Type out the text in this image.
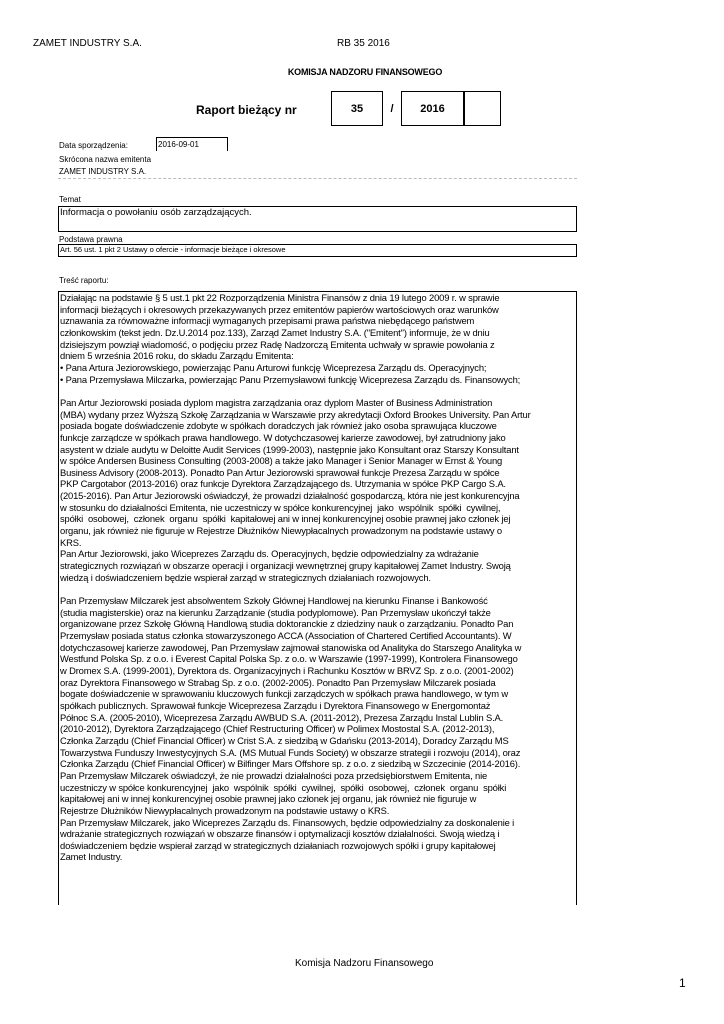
ZAMET INDUSTRY S.A.	RB 35 2016
KOMISJA NADZORU FINANSOWEGO
Raport bieżący nr	35	/	2016
Data sporządzenia:	2016-09-01
Skrócona nazwa emitenta
ZAMET INDUSTRY S.A.
Temat
Informacja o powołaniu osób zarządzających.
Podstawa prawna
Art. 56 ust. 1 pkt 2 Ustawy o ofercie - informacje bieżące i okresowe
Treść raportu:

Działając na podstawie § 5 ust.1 pkt 22 Rozporządzenia Ministra Finansów z dnia 19 lutego 2009 r. w sprawie

informacji bieżących i okresowych przekazywanych przez emitentów papierów wartościowych oraz warunków

uznawania za równoważne informacji wymaganych przepisami prawa państwa niebędącego państwem

członkowskim (tekst jedn. Dz.U.2014 poz.133), Zarząd Zamet Industry S.A. ("Emitent") informuje, że w dniu

dzisiejszym powziął wiadomość, o podjęciu przez Radę Nadzorczą Emitenta uchwały w sprawie powołania z

dniem 5 września 2016 roku, do składu Zarządu Emitenta:

• Pana Artura Jeziorowskiego, powierzając Panu Arturowi funkcję Wiceprezesa Zarządu ds. Operacyjnych;

• Pana Przemysława Milczarka, powierzając Panu Przemysławowi funkcję Wiceprezesa Zarządu ds. Finansowych;

Pan Artur Jeziorowski posiada dyplom magistra zarządzania oraz dyplom Master of Business Administration

(MBA) wydany przez Wyższą Szkołę Zarządzania w Warszawie przy akredytacji Oxford Brookes University. Pan Artur

posiada bogate doświadczenie zdobyte w spółkach doradczych jak również jako osoba sprawująca kluczowe

funkcje zarządcze w spółkach prawa handlowego. W dotychczasowej karierze zawodowej, był zatrudniony jako

asystent w dziale audytu w Deloitte Audit Services (1999-2003), następnie jako Konsultant oraz Starszy Konsultant

w spółce Andersen Business Consulting (2003-2008) a także jako Manager i Senior Manager w Ernst & Young

Business Advisory (2008-2013). Ponadto Pan Artur Jeziorowski sprawował funkcje Prezesa Zarządu w spółce

PKP Cargotabor (2013-2016) oraz funkcje Dyrektora Zarządzającego ds. Utrzymania w spółce PKP Cargo S.A.

(2015-2016). Pan Artur Jeziorowski oświadczył, że prowadzi działalność gospodarczą, która nie jest konkurencyjna

w stosunku do działalności Emitenta, nie uczestniczy w spółce konkurencyjnej  jako  wspólnik  spółki  cywilnej,

spółki  osobowej,  członek  organu  spółki  kapitałowej ani w innej konkurencyjnej osobie prawnej jako członek jej

organu, jak również nie figuruje w Rejestrze Dłużników Niewypłacalnych prowadzonym na podstawie ustawy o

KRS.

Pan Artur Jeziorowski, jako Wiceprezes Zarządu ds. Operacyjnych, będzie odpowiedzialny za wdrażanie

strategicznych rozwiązań w obszarze operacji i organizacji wewnętrznej grupy kapitałowej Zamet Industry. Swoją

wiedzą i doświadczeniem będzie wspierał zarząd w strategicznych działaniach rozwojowych.

Pan Przemysław Milczarek jest absolwentem Szkoły Głównej Handlowej na kierunku Finanse i Bankowość

(studia magisterskie) oraz na kierunku Zarządzanie (studia podyplomowe). Pan Przemysław ukończył także

organizowane przez Szkołę Główną Handlową studia doktoranckie z dziedziny nauk o zarządzaniu. Ponadto Pan

Przemysław posiada status członka stowarzyszonego ACCA (Association of Chartered Certified Accountants). W

dotychczasowej karierze zawodowej, Pan Przemysław zajmował stanowiska od Analityka do Starszego Analityka w

Westfund Polska Sp. z o.o. i Everest Capital Polska Sp. z o.o. w Warszawie (1997-1999), Kontrolera Finansowego

w Dromex S.A. (1999-2001), Dyrektora ds. Organizacyjnych i Rachunku Kosztów w BRVZ Sp. z o.o. (2001-2002)

oraz Dyrektora Finansowego w Strabag Sp. z o.o. (2002-2005). Ponadto Pan Przemysław Milczarek posiada

bogate doświadczenie w sprawowaniu kluczowych funkcji zarządczych w spółkach prawa handlowego, w tym w

spółkach publicznych. Sprawował funkcje Wiceprezesa Zarządu i Dyrektora Finansowego w Energomontaż

Północ S.A. (2005-2010), Wiceprezesa Zarządu AWBUD S.A. (2011-2012), Prezesa Zarządu Instal Lublin S.A.

(2010-2012), Dyrektora Zarządzającego (Chief Restructuring Officer) w Polimex Mostostal S.A. (2012-2013),

Członka Zarządu (Chief Financial Officer) w Crist S.A. z siedzibą w Gdańsku (2013-2014), Doradcy Zarządu MS

Towarzystwa Funduszy Inwestycyjnych S.A. (MS Mutual Funds Society) w obszarze strategii i rozwoju (2014), oraz

Członka Zarządu (Chief Financial Officer) w Bilfinger Mars Offshore sp. z o.o. z siedzibą w Szczecinie (2014-2016).

Pan Przemysław Milczarek oświadczył, że nie prowadzi działalności poza przedsiębiorstwem Emitenta, nie

uczestniczy w spółce konkurencyjnej  jako  wspólnik  spółki  cywilnej,  spółki  osobowej,  członek  organu  spółki

kapitałowej ani w innej konkurencyjnej osobie prawnej jako członek jej organu, jak również nie figuruje w

Rejestrze Dłużników Niewypłacalnych prowadzonym na podstawie ustawy o KRS.

Pan Przemysław Milczarek, jako Wiceprezes Zarządu ds. Finansowych, będzie odpowiedzialny za doskonalenie i

wdrażanie strategicznych rozwiązań w obszarze finansów i optymalizacji kosztów działalności. Swoją wiedzą i

doświadczeniem będzie wspierał zarząd w strategicznych działaniach rozwojowych spółki i grupy kapitałowej

Zamet Industry.

Komisja Nadzoru Finansowego
1
